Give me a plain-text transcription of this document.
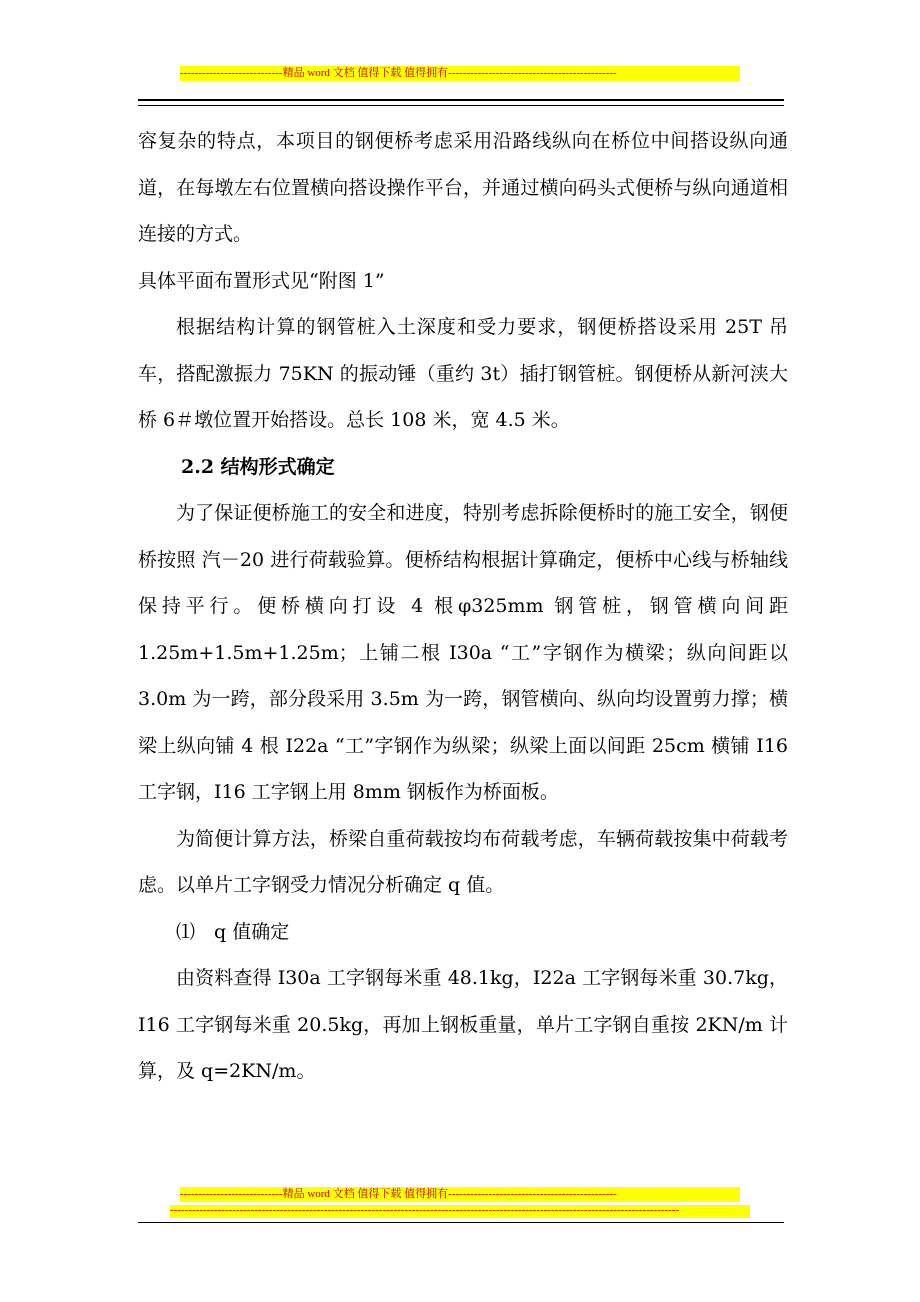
----------------------------精品 word 文档 值得下载 值得拥有----------------------------------------------

容复杂的特点，本项目的钢便桥考虑采用沿路线纵向在桥位中间搭设纵向通道，在每墩左右位置横向搭设操作平台，并通过横向码头式便桥与纵向通道相连接的方式。

具体平面布置形式见“附图 1”

根据结构计算的钢管桩入土深度和受力要求，钢便桥搭设采用 25T 吊车，搭配激振力 75KN 的振动锤（重约 3t）插打钢管桩。钢便桥从新河浃大桥 6＃墩位置开始搭设。总长 108 米，宽 4.5 米。

2.2 结构形式确定

为了保证便桥施工的安全和进度，特别考虑拆除便桥时的施工安全，钢便桥按照 汽－20 进行荷载验算。便桥结构根据计算确定，便桥中心线与桥轴线保持平行。便桥横向打设 4 根φ325mm 钢管桩，钢管横向间距 1.25m+1.5m+1.25m；上铺二根 I30a “工”字钢作为横梁；纵向间距以 3.0m 为一跨，部分段采用 3.5m 为一跨，钢管横向、纵向均设置剪力撑；横梁上纵向铺 4 根 I22a “工”字钢作为纵梁；纵梁上面以间距 25cm 横铺 I16 工字钢，I16 工字钢上用 8mm 钢板作为桥面板。

为简便计算方法，桥梁自重荷载按均布荷载考虑，车辆荷载按集中荷载考虑。以单片工字钢受力情况分析确定 q 值。

⑴　q 值确定

由资料查得 I30a 工字钢每米重 48.1kg，I22a 工字钢每米重 30.7kg，I16 工字钢每米重 20.5kg，再加上钢板重量，单片工字钢自重按 2KN/m 计算，及 q=2KN/m。

----------------------------精品 word 文档 值得下载 值得拥有----------------------------------------------
-------------------------------------------------------------------------------------------------------------------------------------------
